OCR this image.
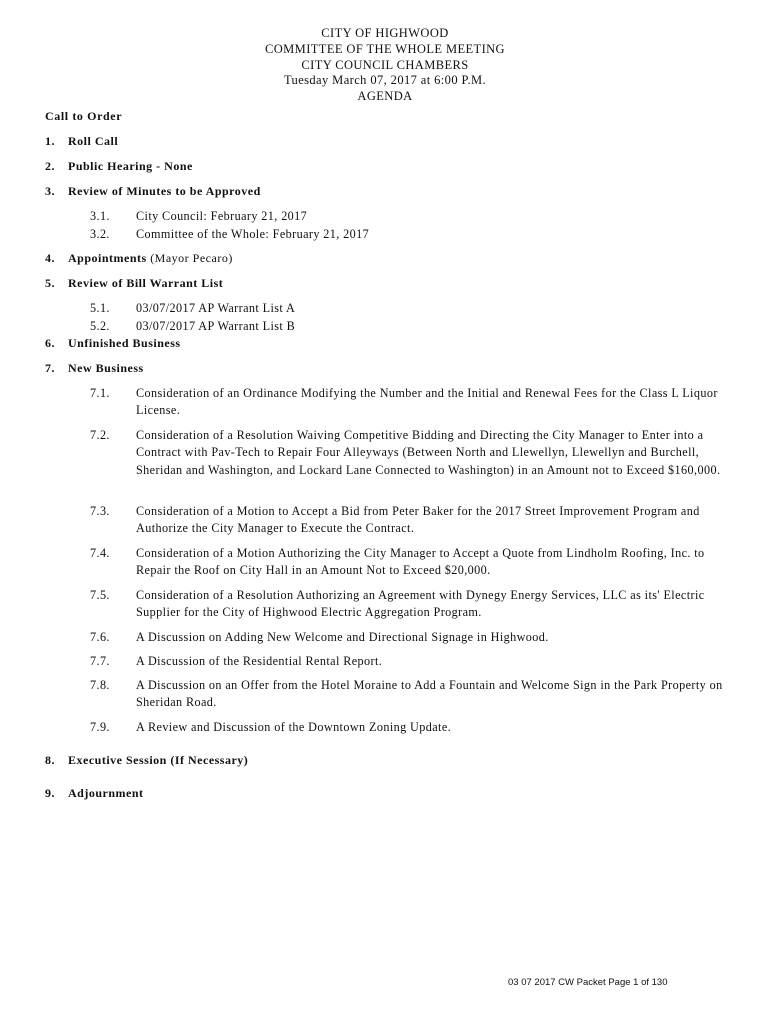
CITY OF HIGHWOOD
COMMITTEE OF THE WHOLE MEETING
CITY COUNCIL CHAMBERS
Tuesday March 07, 2017 at 6:00 P.M.
AGENDA
Call to Order
1. Roll Call
2. Public Hearing - None
3. Review of Minutes to be Approved
3.1.	City Council: February 21, 2017
3.2.	Committee of the Whole: February 21, 2017
4. Appointments (Mayor Pecaro)
5. Review of Bill Warrant List
5.1.	03/07/2017 AP Warrant List A
5.2.	03/07/2017 AP Warrant List B
6. Unfinished Business
7. New Business
7.1.	Consideration of an Ordinance Modifying the Number and the Initial and Renewal Fees for the Class L Liquor License.
7.2.	Consideration of a Resolution Waiving Competitive Bidding and Directing the City Manager to Enter into a Contract with Pav-Tech to Repair Four Alleyways (Between North and Llewellyn, Llewellyn and Burchell, Sheridan and Washington, and Lockard Lane Connected to Washington) in an Amount not to Exceed $160,000.
7.3.	Consideration of a Motion to Accept a Bid from Peter Baker for the 2017 Street Improvement Program and Authorize the City Manager to Execute the Contract.
7.4.	Consideration of a Motion Authorizing the City Manager to Accept a Quote from Lindholm Roofing, Inc. to Repair the Roof on City Hall in an Amount Not to Exceed $20,000.
7.5.	Consideration of a Resolution Authorizing an Agreement with Dynegy Energy Services, LLC as its' Electric Supplier for the City of Highwood Electric Aggregation Program.
7.6.	A Discussion on Adding New Welcome and Directional Signage in Highwood.
7.7.	A Discussion of the Residential Rental Report.
7.8.	A Discussion on an Offer from the Hotel Moraine to Add a Fountain and Welcome Sign in the Park Property on Sheridan Road.
7.9.	A Review and Discussion of the Downtown Zoning Update.
8. Executive Session (If Necessary)
9. Adjournment
03 07 2017 CW Packet Page 1 of 130
